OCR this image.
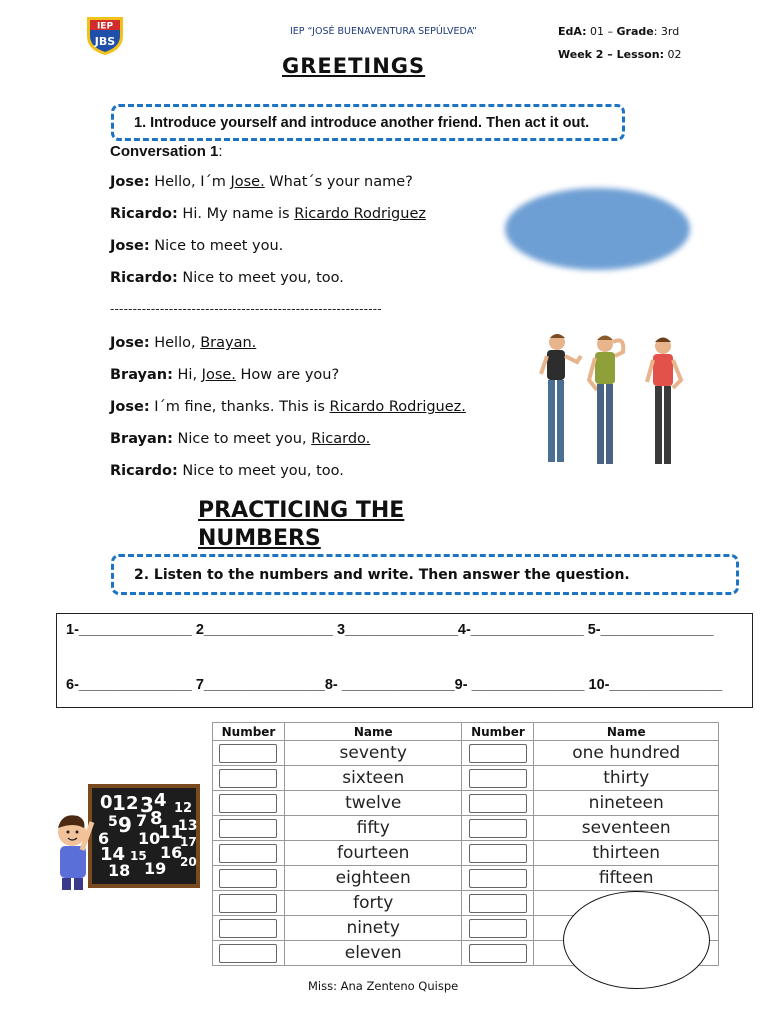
IEP
JBS
IEP “JOSÉ BUENAVENTURA SEPÚLVEDA”	EdA: 01 – Grade: 3rd
Week 2 – Lesson: 02
GREETINGS
1. Introduce yourself and introduce another friend. Then act it out.
Conversation 1:
Jose: Hello, I´m Jose. What´s your name?
Ricardo: Hi. My name is Ricardo Rodriguez
Jose: Nice to meet you.
Ricardo: Nice to meet you, too.
------------------------------------------------------------
Jose: Hello, Brayan.
Brayan: Hi, Jose. How are you?
Jose: I´m fine, thanks. This is Ricardo Rodriguez.
Brayan: Nice to meet you, Ricardo.
Ricardo: Nice to meet you, too.
PRACTICING THE
NUMBERS
2. Listen to the numbers and write. Then answer the question.
1-______________ 2________________ 3______________4-______________ 5-______________
6-______________ 7_______________8- ______________9- ______________ 10-______________
0 1 2 3 4 12
9
5 7 8 13
6 10
11
17
14 15 16
18 19 20
Number	Name	Number	Name

	seventy		one hundred

	sixteen		thirty

	twelve		nineteen

	fifty		seventeen

	fourteen		thirteen

	eighteen		fifteen

	forty	

	ninety	

	eleven	

Miss: Ana Zenteno Quispe
